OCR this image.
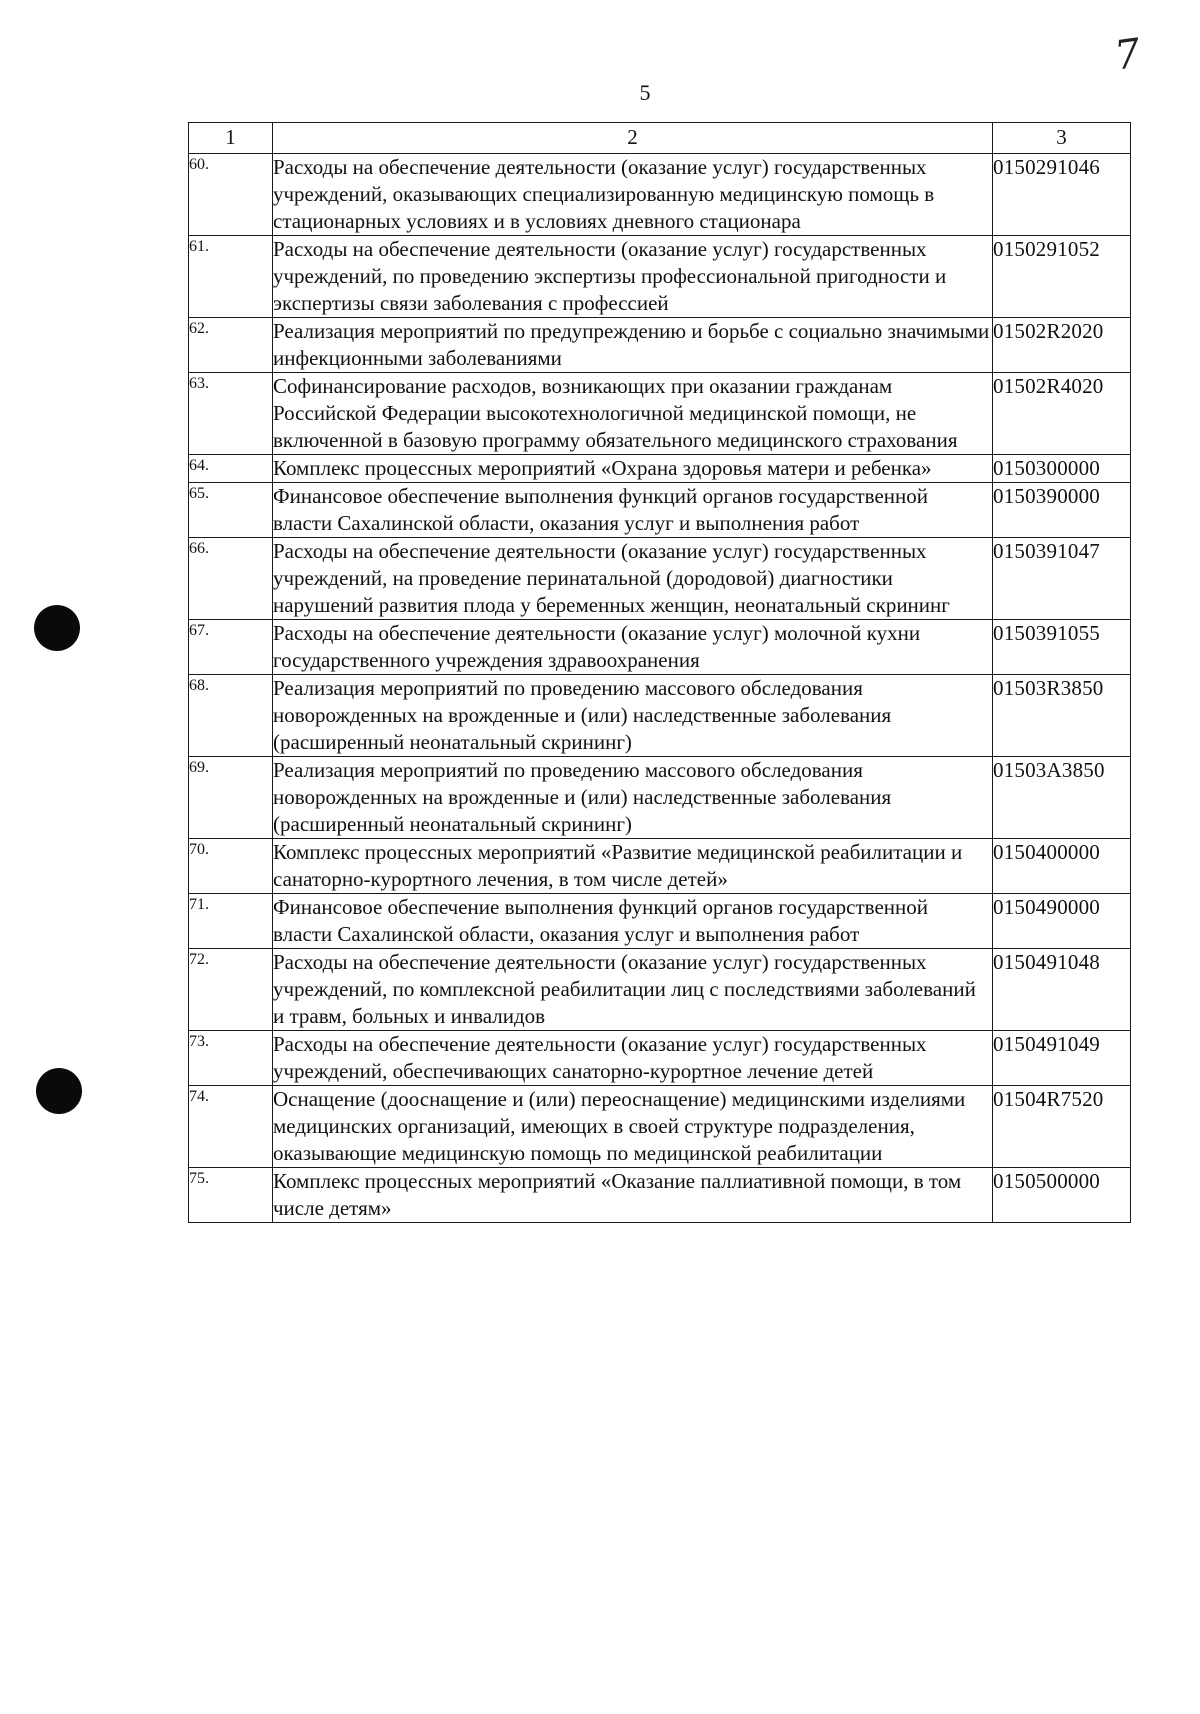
5
7
1	2	3
60.	Расходы на обеспечение деятельности (оказание услуг) государственных учреждений, оказывающих специализированную медицинскую помощь в стационарных условиях и в условиях дневного стационара	0150291046
61.	Расходы на обеспечение деятельности (оказание услуг) государственных учреждений, по проведению экспертизы профессиональной пригодности и экспертизы связи заболевания с профессией	0150291052
62.	Реализация мероприятий по предупреждению и борьбе с социально значимыми инфекционными заболеваниями	01502R2020
63.	Софинансирование расходов, возникающих при оказании гражданам Российской Федерации высокотехнологичной медицинской помощи, не включенной в базовую программу обязательного медицинского страхования	01502R4020
64.	Комплекс процессных мероприятий «Охрана здоровья матери и ребенка»	0150300000
65.	Финансовое обеспечение выполнения функций органов государственной власти Сахалинской области, оказания услуг и выполнения работ	0150390000
66.	Расходы на обеспечение деятельности (оказание услуг) государственных учреждений, на проведение перинатальной (дородовой) диагностики нарушений развития плода у беременных женщин, неонатальный скрининг	0150391047
67.	Расходы на обеспечение деятельности (оказание услуг) молочной кухни государственного учреждения здравоохранения	0150391055
68.	Реализация мероприятий по проведению массового обследования новорожденных на врожденные и (или) наследственные заболевания (расширенный неонатальный скрининг)	01503R3850
69.	Реализация мероприятий по проведению массового обследования новорожденных на врожденные и (или) наследственные заболевания (расширенный неонатальный скрининг)	01503A3850
70.	Комплекс процессных мероприятий «Развитие медицинской реабилитации и санаторно-курортного лечения, в том числе детей»	0150400000
71.	Финансовое обеспечение выполнения функций органов государственной власти Сахалинской области, оказания услуг и выполнения работ	0150490000
72.	Расходы на обеспечение деятельности (оказание услуг) государственных учреждений, по комплексной реабилитации лиц с последствиями заболеваний и травм, больных и инвалидов	0150491048
73.	Расходы на обеспечение деятельности (оказание услуг) государственных учреждений, обеспечивающих санаторно-курортное лечение детей	0150491049
74.	Оснащение (дооснащение и (или) переоснащение) медицинскими изделиями медицинских организаций, имеющих в своей структуре подразделения, оказывающие медицинскую помощь по медицинской реабилитации	01504R7520
75.	Комплекс процессных мероприятий «Оказание паллиативной помощи, в том числе детям»	0150500000
